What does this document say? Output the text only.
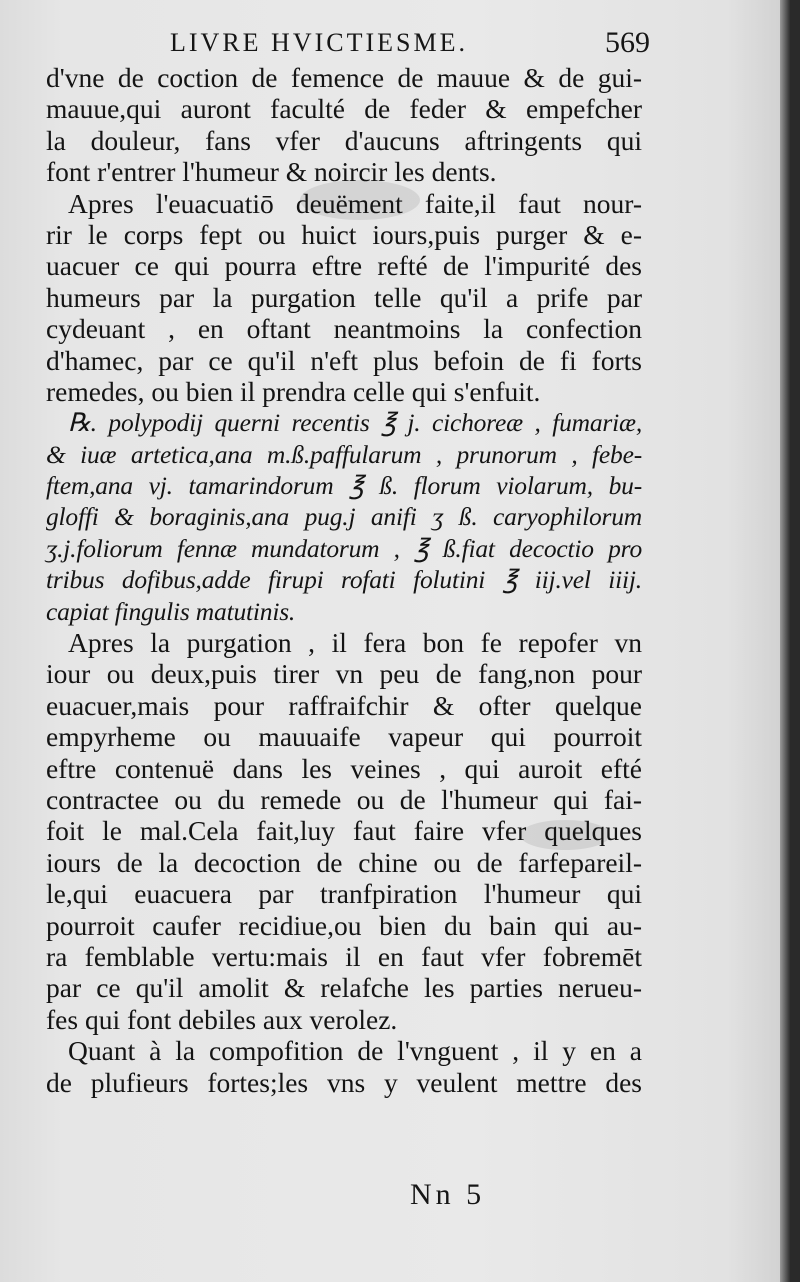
LIVRE HVICTIESME.	569
d'vne de coction de femence de mauue & de gui-
mauue,qui auront faculté de feder & empefcher
la douleur, fans vfer d'aucuns aftringents qui
font r'entrer l'humeur & noircir les dents.
Apres l'euacuatiō deuëment faite,il faut nour-
rir le corps fept ou huict iours,puis purger & e-
uacuer ce qui pourra eftre refté de l'impurité des
humeurs par la purgation telle qu'il a prife par
cydeuant , en oftant neantmoins la confection
d'hamec, par ce qu'il n'eft plus befoin de fi forts
remedes, ou bien il prendra celle qui s'enfuit.
℞. polypodij querni recentis ℥ j. cichoreæ , fumariæ,
& iuæ artetica,ana m.ß.paffularum , prunorum , febe-
ftem,ana vj. tamarindorum ℥ ß. florum violarum, bu-
gloffi & boraginis,ana pug.j anifi ʒ ß. caryophilorum
ʒ.j.foliorum fennæ mundatorum , ℥ ß.fiat decoctio pro
tribus dofibus,adde firupi rofati folutini ℥ iij.vel iiij.
capiat fingulis matutinis.
Apres la purgation , il fera bon fe repofer vn
iour ou deux,puis tirer vn peu de fang,non pour
euacuer,mais pour raffraifchir & ofter quelque
empyrheme ou mauuaife vapeur qui pourroit
eftre contenuë dans les veines , qui auroit efté
contractee ou du remede ou de l'humeur qui fai-
foit le mal.Cela fait,luy faut faire vfer quelques
iours de la decoction de chine ou de farfepareil-
le,qui euacuera par tranfpiration l'humeur qui
pourroit caufer recidiue,ou bien du bain qui au-
ra femblable vertu:mais il en faut vfer fobremēt
par ce qu'il amolit & relafche les parties nerueu-
fes qui font debiles aux verolez.
Quant à la compofition de l'vnguent , il y en a
de plufieurs fortes;les vns y veulent mettre des
Nn 5
